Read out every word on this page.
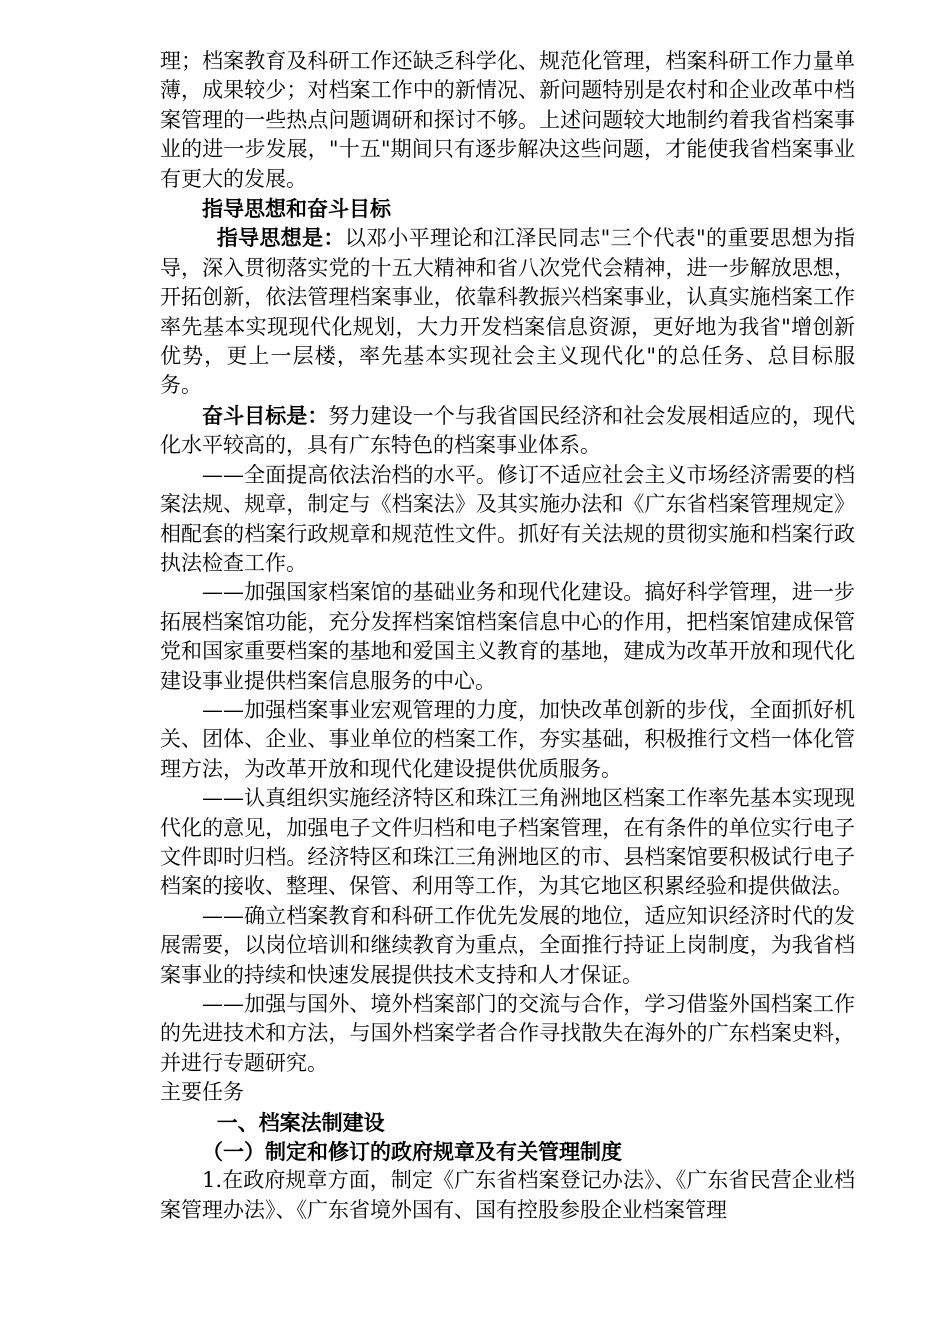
理；档案教育及科研工作还缺乏科学化、规范化管理，档案科研工作力量单薄，成果较少；对档案工作中的新情况、新问题特别是农村和企业改革中档案管理的一些热点问题调研和探讨不够。上述问题较大地制约着我省档案事业的进一步发展，"十五"期间只有逐步解决这些问题，才能使我省档案事业有更大的发展。

指导思想和奋斗目标

指导思想是：以邓小平理论和江泽民同志"三个代表"的重要思想为指导，深入贯彻落实党的十五大精神和省八次党代会精神，进一步解放思想，开拓创新，依法管理档案事业，依靠科教振兴档案事业，认真实施档案工作率先基本实现现代化规划，大力开发档案信息资源，更好地为我省"增创新优势，更上一层楼，率先基本实现社会主义现代化"的总任务、总目标服务。

奋斗目标是：努力建设一个与我省国民经济和社会发展相适应的，现代化水平较高的，具有广东特色的档案事业体系。

——全面提高依法治档的水平。修订不适应社会主义市场经济需要的档案法规、规章，制定与《档案法》及其实施办法和《广东省档案管理规定》相配套的档案行政规章和规范性文件。抓好有关法规的贯彻实施和档案行政执法检查工作。

——加强国家档案馆的基础业务和现代化建设。搞好科学管理，进一步拓展档案馆功能，充分发挥档案馆档案信息中心的作用，把档案馆建成保管党和国家重要档案的基地和爱国主义教育的基地，建成为改革开放和现代化建设事业提供档案信息服务的中心。

——加强档案事业宏观管理的力度，加快改革创新的步伐，全面抓好机关、团体、企业、事业单位的档案工作，夯实基础，积极推行文档一体化管理方法，为改革开放和现代化建设提供优质服务。

——认真组织实施经济特区和珠江三角洲地区档案工作率先基本实现现代化的意见，加强电子文件归档和电子档案管理，在有条件的单位实行电子文件即时归档。经济特区和珠江三角洲地区的市、县档案馆要积极试行电子档案的接收、整理、保管、利用等工作，为其它地区积累经验和提供做法。

——确立档案教育和科研工作优先发展的地位，适应知识经济时代的发展需要，以岗位培训和继续教育为重点，全面推行持证上岗制度，为我省档案事业的持续和快速发展提供技术支持和人才保证。

——加强与国外、境外档案部门的交流与合作，学习借鉴外国档案工作的先进技术和方法，与国外档案学者合作寻找散失在海外的广东档案史料，并进行专题研究。

主要任务

一、档案法制建设

（一）制定和修订的政府规章及有关管理制度

1.在政府规章方面，制定《广东省档案登记办法》、《广东省民营企业档案管理办法》、《广东省境外国有、国有控股参股企业档案管理
